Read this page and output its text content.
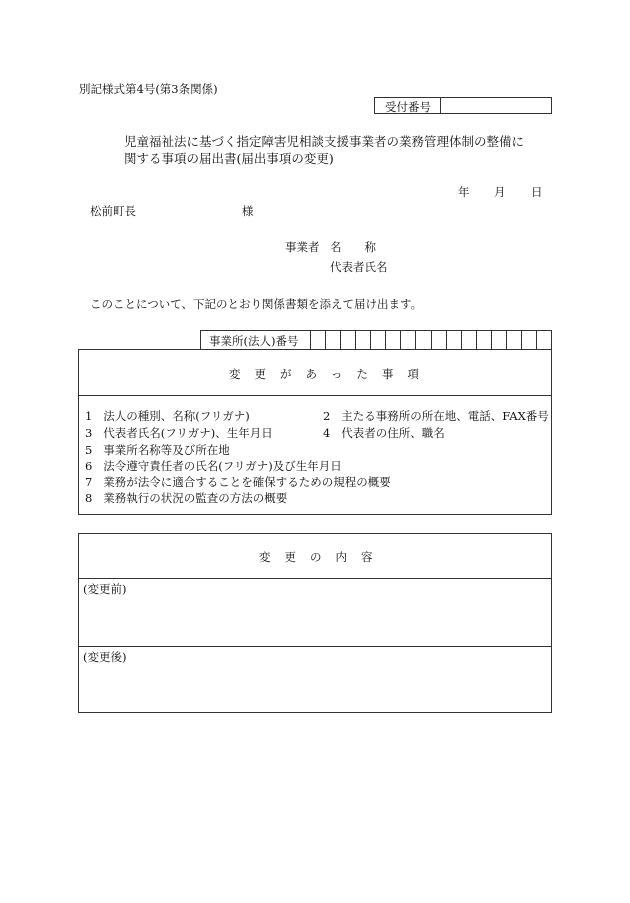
別記様式第4号(第3条関係)
受付番号
児童福祉法に基づく指定障害児相談支援事業者の業務管理体制の整備に
関する事項の届出書(届出事項の変更)
年 月 日
松前町長	様
事業者 名　　称
代表者氏名
このことについて、下記のとおり関係書類を添えて届け出ます。
事業所(法人)番号
変更があった事項
1 法人の種別、名称(フリガナ)	2 主たる事務所の所在地、電話、FAX番号
3 代表者氏名(フリガナ)、生年月日	4 代表者の住所、職名
5 事業所名称等及び所在地
6 法令遵守責任者の氏名(フリガナ)及び生年月日
7 業務が法令に適合することを確保するための規程の概要
8 業務執行の状況の監査の方法の概要
変更の内容
(変更前)
(変更後)
